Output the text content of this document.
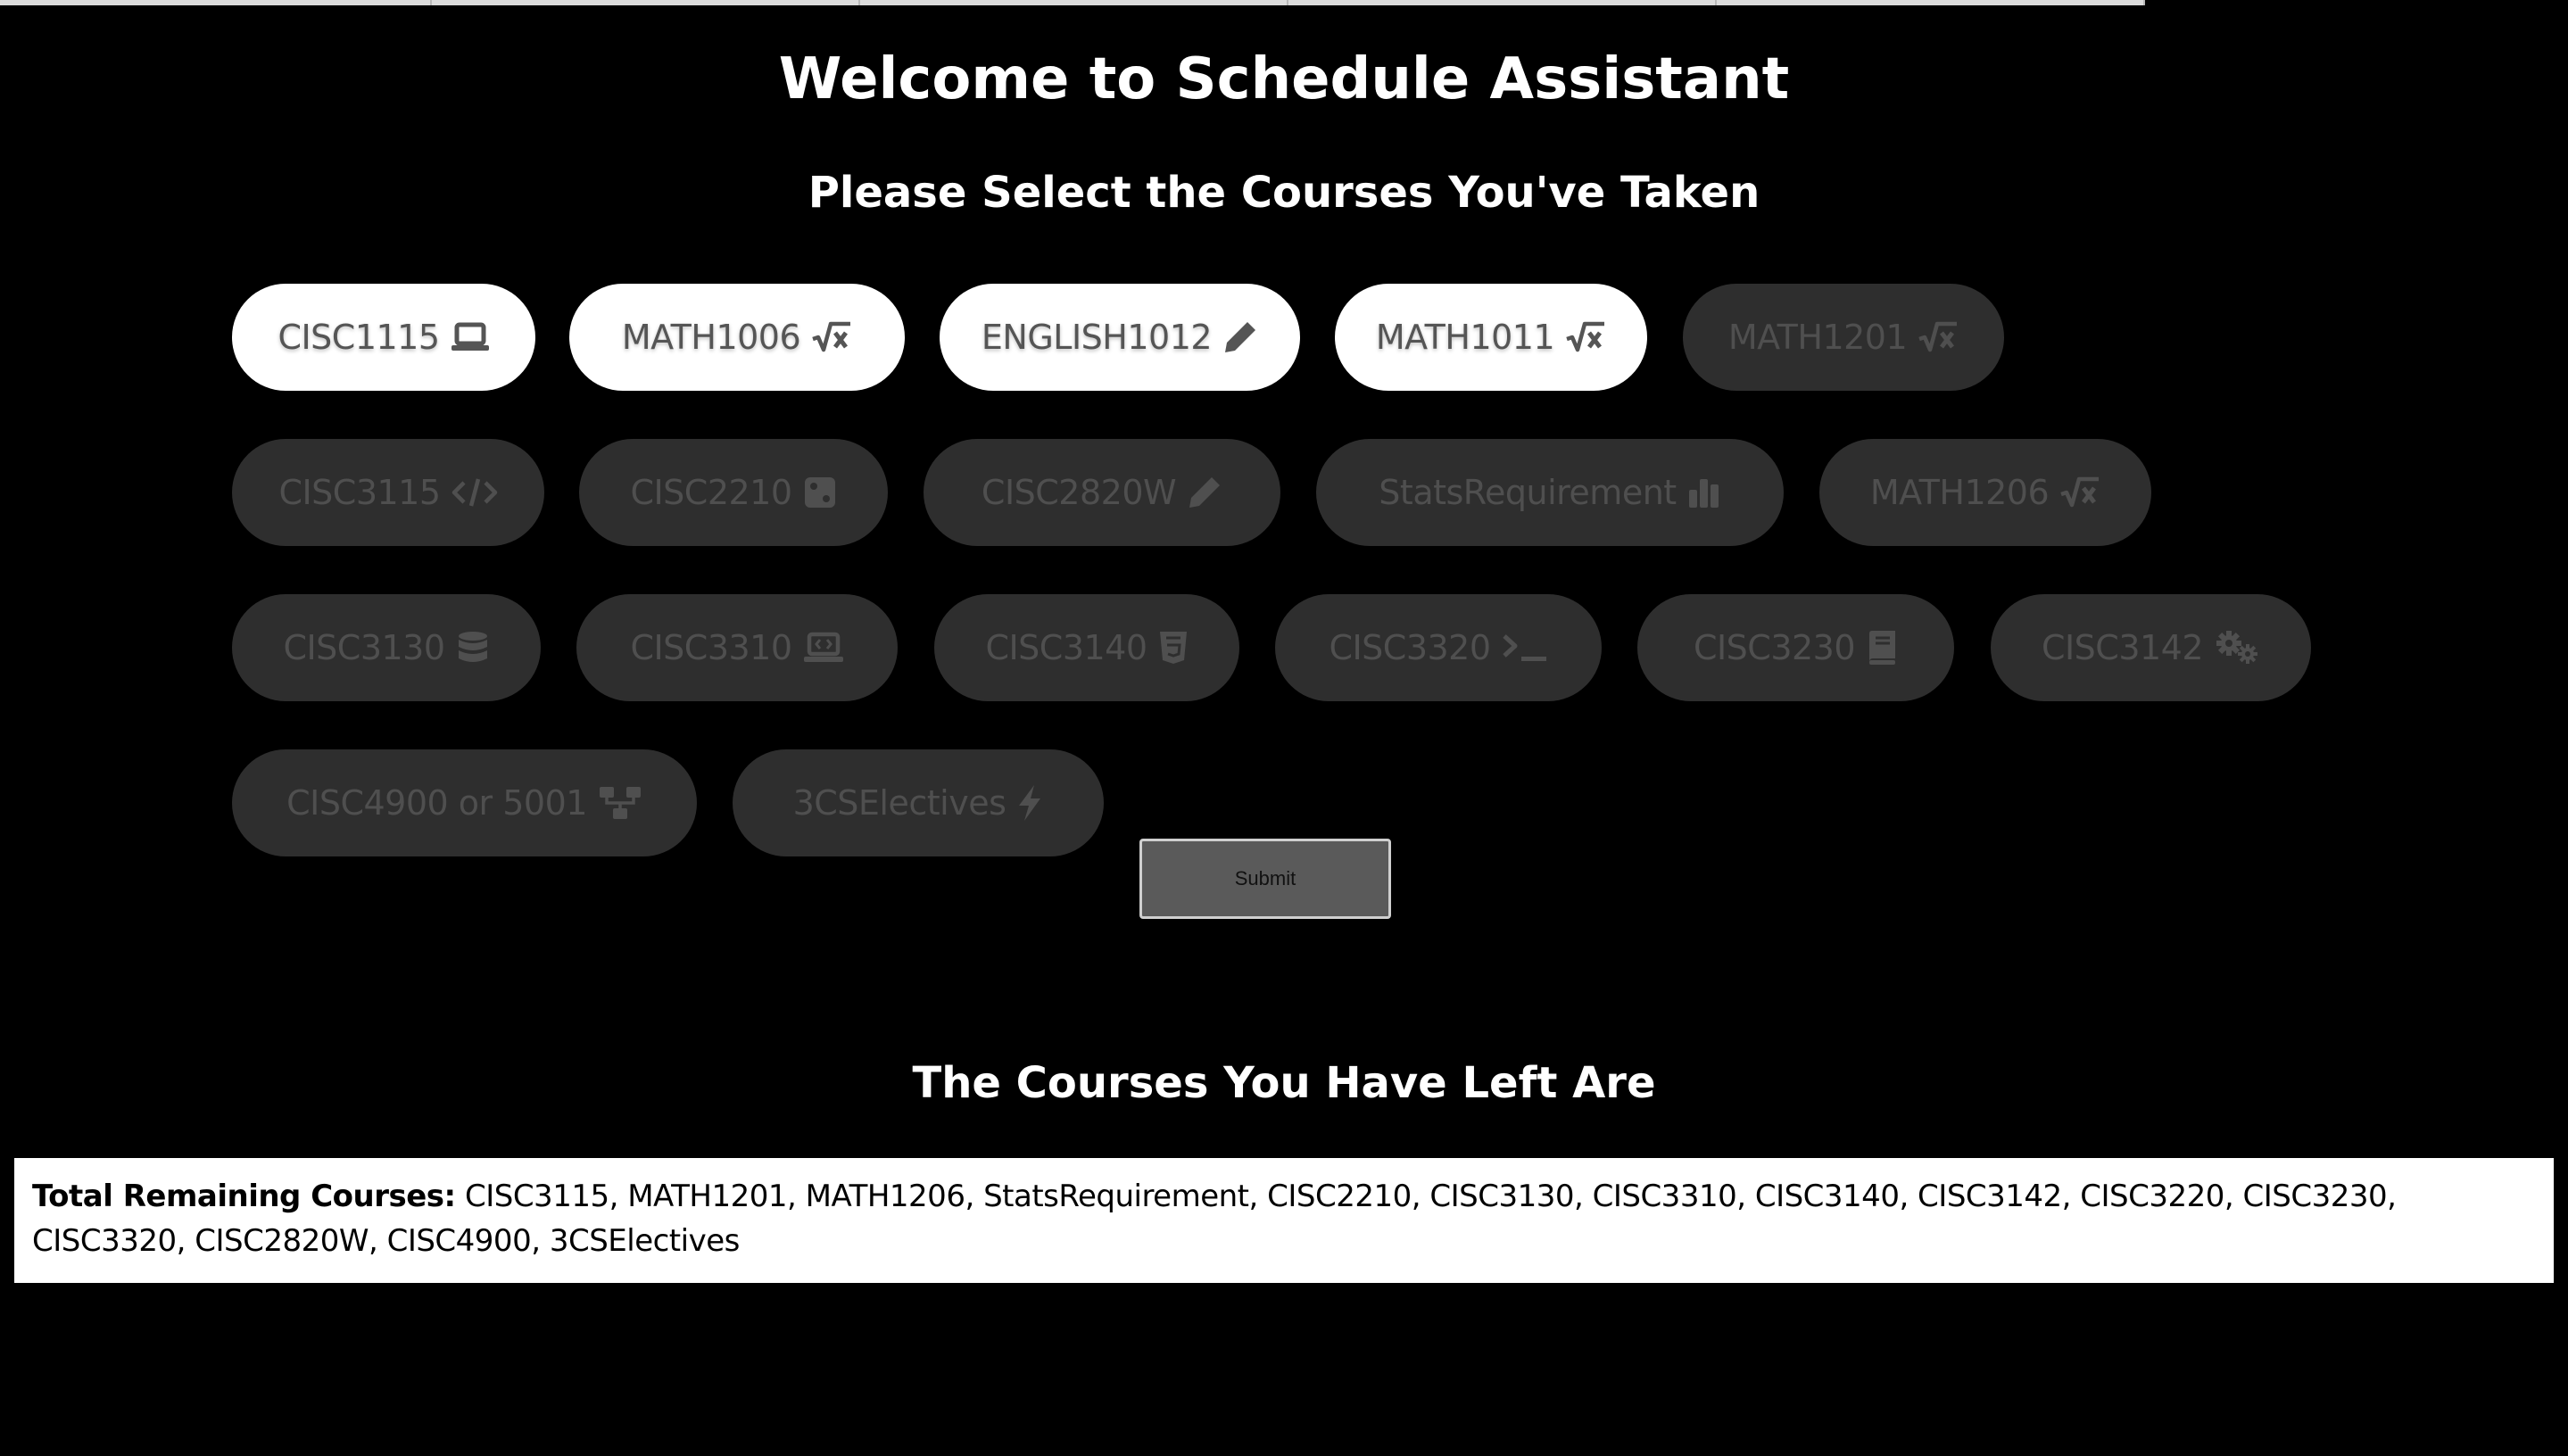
Welcome to Schedule Assistant
Please Select the Courses You've Taken
CISC1115	MATH1006	ENGLISH1012	MATH1011	MATH1201
CISC3115	CISC2210	CISC2820W	StatsRequirement	MATH1206
CISC3130	CISC3310	CISC3140	CISC3320	CISC3230	CISC3142
CISC4900 or 5001	3CSElectives
Submit
The Courses You Have Left Are
Total Remaining Courses: CISC3115, MATH1201, MATH1206, StatsRequirement, CISC2210, CISC3130, CISC3310, CISC3140, CISC3142, CISC3220, CISC3230, CISC3320, CISC2820W, CISC4900, 3CSElectives
